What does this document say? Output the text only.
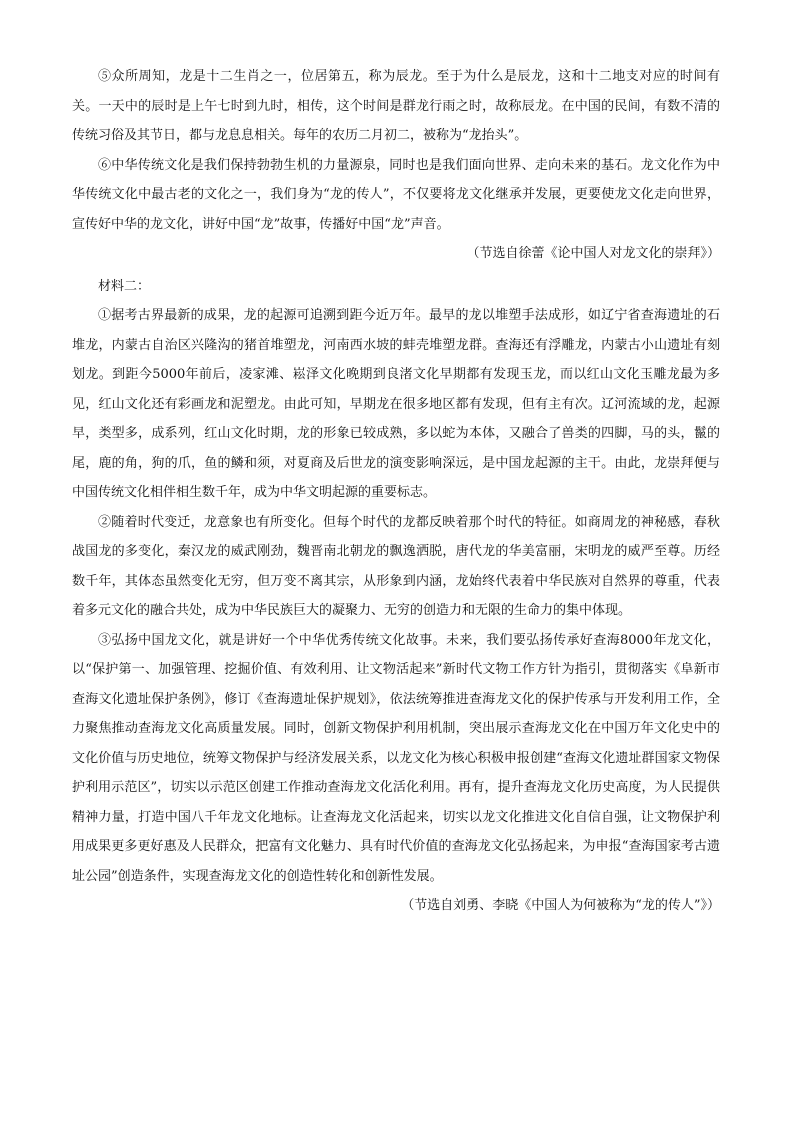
⑤众所周知，龙是十二生肖之一，位居第五，称为辰龙。至于为什么是辰龙，这和十二地支对应的时间有关。一天中的辰时是上午七时到九时，相传，这个时间是群龙行雨之时，故称辰龙。在中国的民间，有数不清的传统习俗及其节日，都与龙息息相关。每年的农历二月初二，被称为“龙抬头”。

⑥中华传统文化是我们保持勃勃生机的力量源泉，同时也是我们面向世界、走向未来的基石。龙文化作为中华传统文化中最古老的文化之一，我们身为“龙的传人”，不仅要将龙文化继承并发展，更要使龙文化走向世界，宣传好中华的龙文化，讲好中国“龙”故事，传播好中国“龙”声音。

（节选自徐蕾《论中国人对龙文化的崇拜》）

材料二：

①据考古界最新的成果，龙的起源可追溯到距今近万年。最早的龙以堆塑手法成形，如辽宁省查海遗址的石堆龙，内蒙古自治区兴隆沟的猪首堆塑龙，河南西水坡的蚌壳堆塑龙群。查海还有浮雕龙，内蒙古小山遗址有刻划龙。到距今5000年前后，凌家滩、崧泽文化晚期到良渚文化早期都有发现玉龙，而以红山文化玉雕龙最为多见，红山文化还有彩画龙和泥塑龙。由此可知，早期龙在很多地区都有发现，但有主有次。辽河流域的龙，起源早，类型多，成系列，红山文化时期，龙的形象已较成熟，多以蛇为本体，又融合了兽类的四脚，马的头，鬣的尾，鹿的角，狗的爪，鱼的鳞和须，对夏商及后世龙的演变影响深远，是中国龙起源的主干。由此，龙崇拜便与中国传统文化相伴相生数千年，成为中华文明起源的重要标志。

②随着时代变迁，龙意象也有所变化。但每个时代的龙都反映着那个时代的特征。如商周龙的神秘感，春秋战国龙的多变化，秦汉龙的威武刚劲，魏晋南北朝龙的飘逸洒脱，唐代龙的华美富丽，宋明龙的威严至尊。历经数千年，其体态虽然变化无穷，但万变不离其宗，从形象到内涵，龙始终代表着中华民族对自然界的尊重，代表着多元文化的融合共处，成为中华民族巨大的凝聚力、无穷的创造力和无限的生命力的集中体现。

③弘扬中国龙文化，就是讲好一个中华优秀传统文化故事。未来，我们要弘扬传承好查海8000年龙文化，以“保护第一、加强管理、挖掘价值、有效利用、让文物活起来”新时代文物工作方针为指引，贯彻落实《阜新市查海文化遗址保护条例》，修订《查海遗址保护规划》，依法统筹推进查海龙文化的保护传承与开发利用工作，全力聚焦推动查海龙文化高质量发展。同时，创新文物保护利用机制，突出展示查海龙文化在中国万年文化史中的文化价值与历史地位，统筹文物保护与经济发展关系，以龙文化为核心积极申报创建“查海文化遗址群国家文物保护利用示范区”，切实以示范区创建工作推动查海龙文化活化利用。再有，提升查海龙文化历史高度，为人民提供精神力量，打造中国八千年龙文化地标。让查海龙文化活起来，切实以龙文化推进文化自信自强，让文物保护利用成果更多更好惠及人民群众，把富有文化魅力、具有时代价值的查海龙文化弘扬起来，为申报“查海国家考古遗址公园”创造条件，实现查海龙文化的创造性转化和创新性发展。

（节选自刘勇、李晓《中国人为何被称为“龙的传人”》）
